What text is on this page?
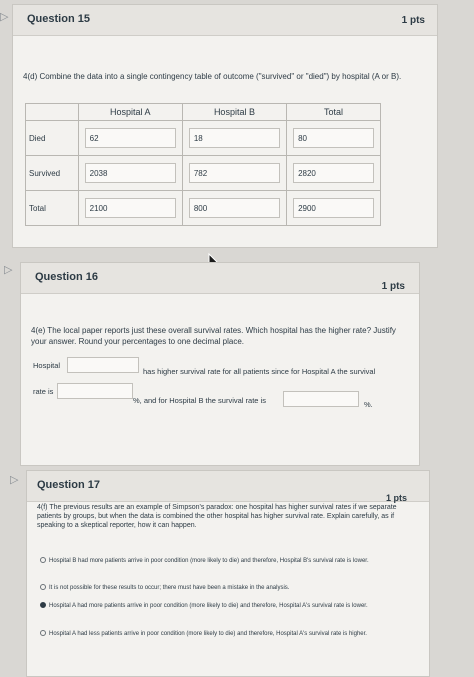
▷
▷
▷
Question 15	1 pts
4(d) Combine the data into a single contingency table of outcome ("survived" or "died") by hospital (A or B).
	Hospital A	Hospital B	Total
Died	62	18	80

Survived	2038	782	2820

Total	2100	800	2900
Question 16
1 pts
4(e) The local paper reports just these overall survival rates. Which hospital has the higher rate? Justify your answer. Round your percentages to one decimal place.
Hospital
has higher survival rate for all patients since for Hospital A the survival
rate is
%, and for Hospital B the survival rate is	%.
Question 17
1 pts
4(f) The previous results are an example of Simpson's paradox: one hospital has higher survival rates if we separate patients by groups, but when the data is combined the other hospital has higher survival rate. Explain carefully, as if speaking to a skeptical reporter, how it can happen.
Hospital B had more patients arrive in poor condition (more likely to die) and therefore, Hospital B's survival rate is lower.
It is not possible for these results to occur; there must have been a mistake in the analysis.
Hospital A had more patients arrive in poor condition (more likely to die) and therefore, Hospital A's survival rate is lower.
Hospital A had less patients arrive in poor condition (more likely to die) and therefore, Hospital A's survival rate is higher.
